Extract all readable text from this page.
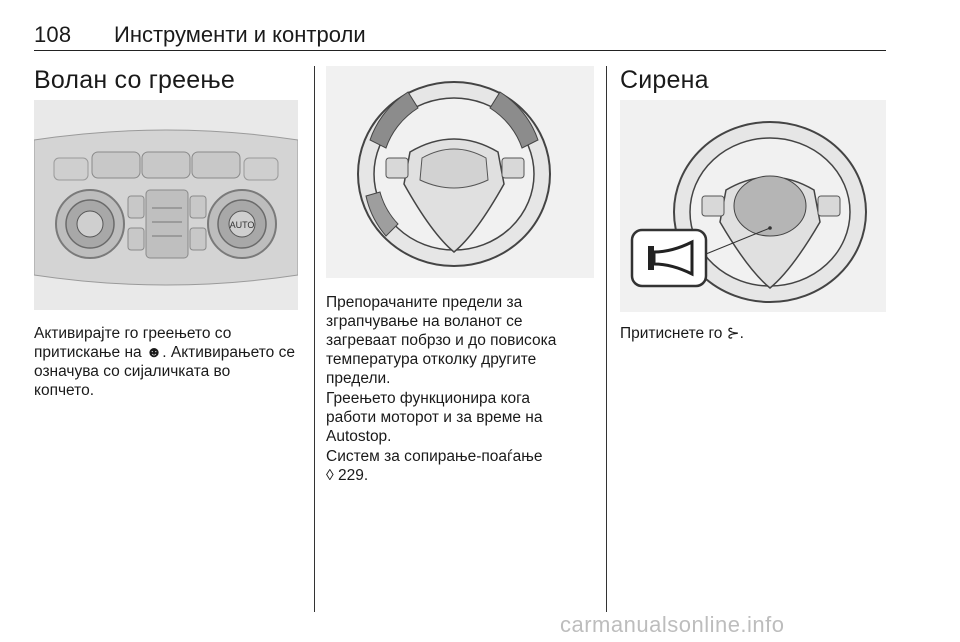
108 Инструменти и контроли
Волан со греење
AUTO

Активирајте го греењето со
притискање на ☻. Активирањето се
означува со сијаличката во
копчето.

Препорачаните предели за
зграпчување на воланот се
загреваат побрзо и до повисока
температура отколку другите
предели.

Греењето функционира кога
работи моторот и за време на
Autostop.

Систем за сопирање-поаѓање
◊ 229.

Сирена

Притиснете го ⊱.

carmanualsonline.info
